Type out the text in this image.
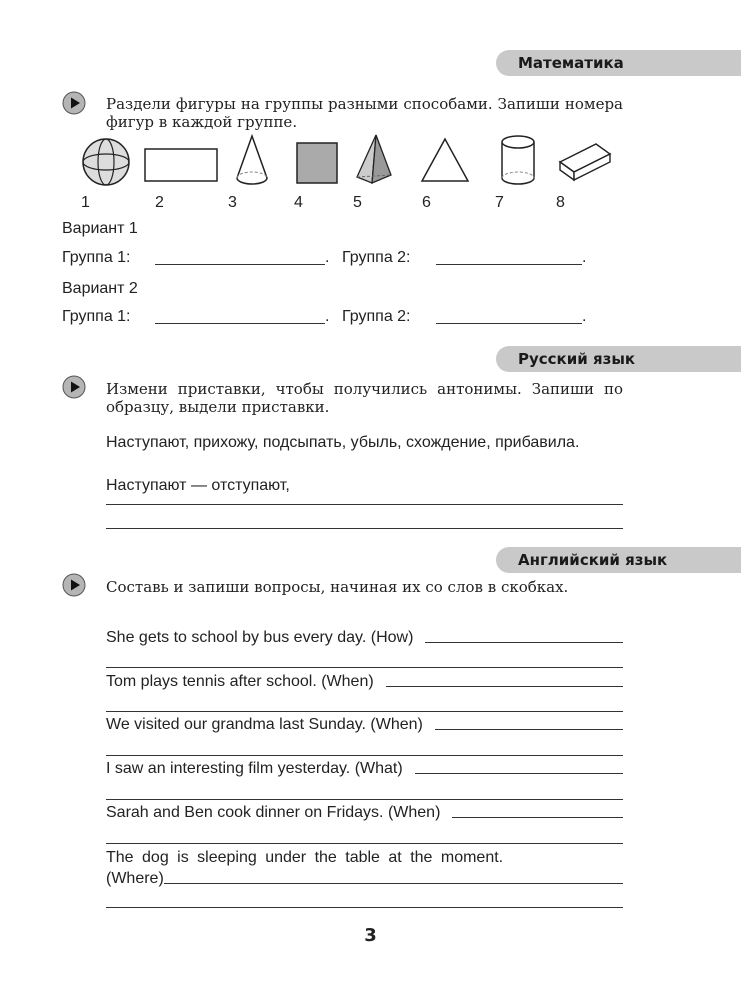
Математика
Раздели фигуры на группы разными способами. Запиши номера фигур в каждой группе.
1	2	3	4	5	6	7	8
Вариант 1
Группа 1:	. Группа 2:	.
Вариант 2
Группа 1:	. Группа 2:	.
Русский язык
Измени приставки, чтобы получились антонимы. Запиши по образцу, выдели приставки.
Наступают, прихожу, подсыпать, убыль, схождение, прибавила.
Наступают — отступают,
Английский язык
Составь и запиши вопросы, начиная их со слов в скобках.
She gets to school by bus every day. (How)
Tom plays tennis after school. (When)
We visited our grandma last Sunday. (When)
I saw an interesting film yesterday. (What)
Sarah and Ben cook dinner on Fridays. (When)
The dog is sleeping under the table at the moment.
(Where)
3
